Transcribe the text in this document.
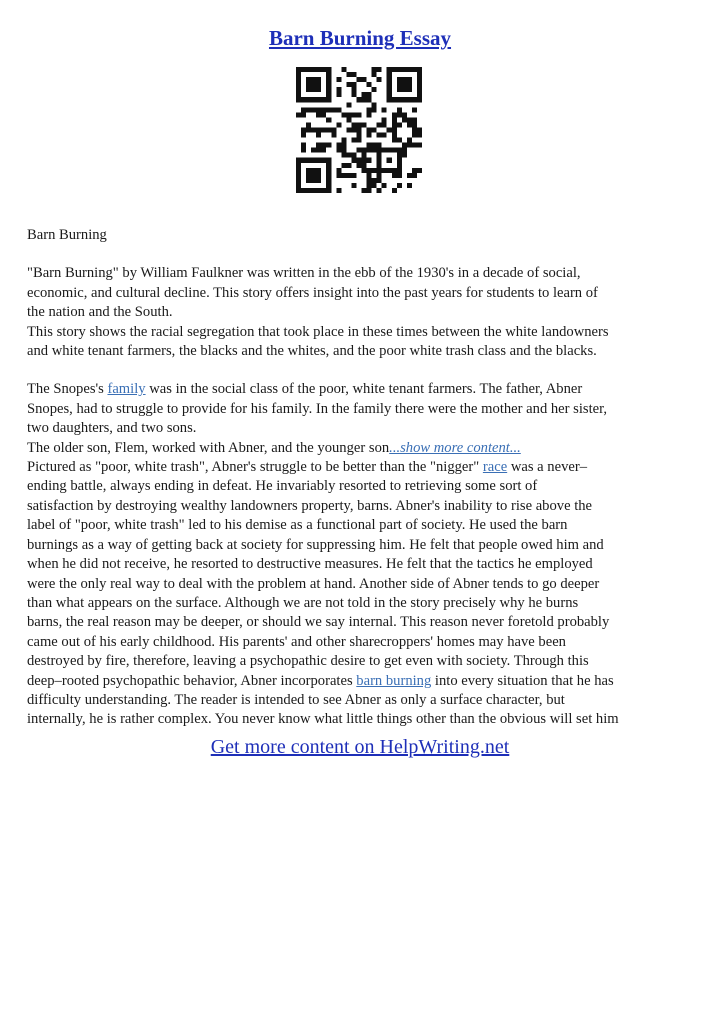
Barn Burning Essay

Barn Burning

"Barn Burning" by William Faulkner was written in the ebb of the 1930's in a decade of social,

economic, and cultural decline. This story offers insight into the past years for students to learn of

the nation and the South.

This story shows the racial segregation that took place in these times between the white landowners

and white tenant farmers, the blacks and the whites, and the poor white trash class and the blacks.

The Snopes's family was in the social class of the poor, white tenant farmers. The father, Abner

Snopes, had to struggle to provide for his family. In the family there were the mother and her sister,

two daughters, and two sons.

The older son, Flem, worked with Abner, and the younger son...show more content...

Pictured as "poor, white trash", Abner's struggle to be better than the "nigger" race was a never–

ending battle, always ending in defeat. He invariably resorted to retrieving some sort of

satisfaction by destroying wealthy landowners property, barns. Abner's inability to rise above the

label of "poor, white trash" led to his demise as a functional part of society. He used the barn

burnings as a way of getting back at society for suppressing him. He felt that people owed him and

when he did not receive, he resorted to destructive measures. He felt that the tactics he employed

were the only real way to deal with the problem at hand. Another side of Abner tends to go deeper

than what appears on the surface. Although we are not told in the story precisely why he burns

barns, the real reason may be deeper, or should we say internal. This reason never foretold probably

came out of his early childhood. His parents' and other sharecroppers' homes may have been

destroyed by fire, therefore, leaving a psychopathic desire to get even with society. Through this

deep–rooted psychopathic behavior, Abner incorporates barn burning into every situation that he has

difficulty understanding. The reader is intended to see Abner as only a surface character, but

internally, he is rather complex. You never know what little things other than the obvious will set him

Get more content on HelpWriting.net
